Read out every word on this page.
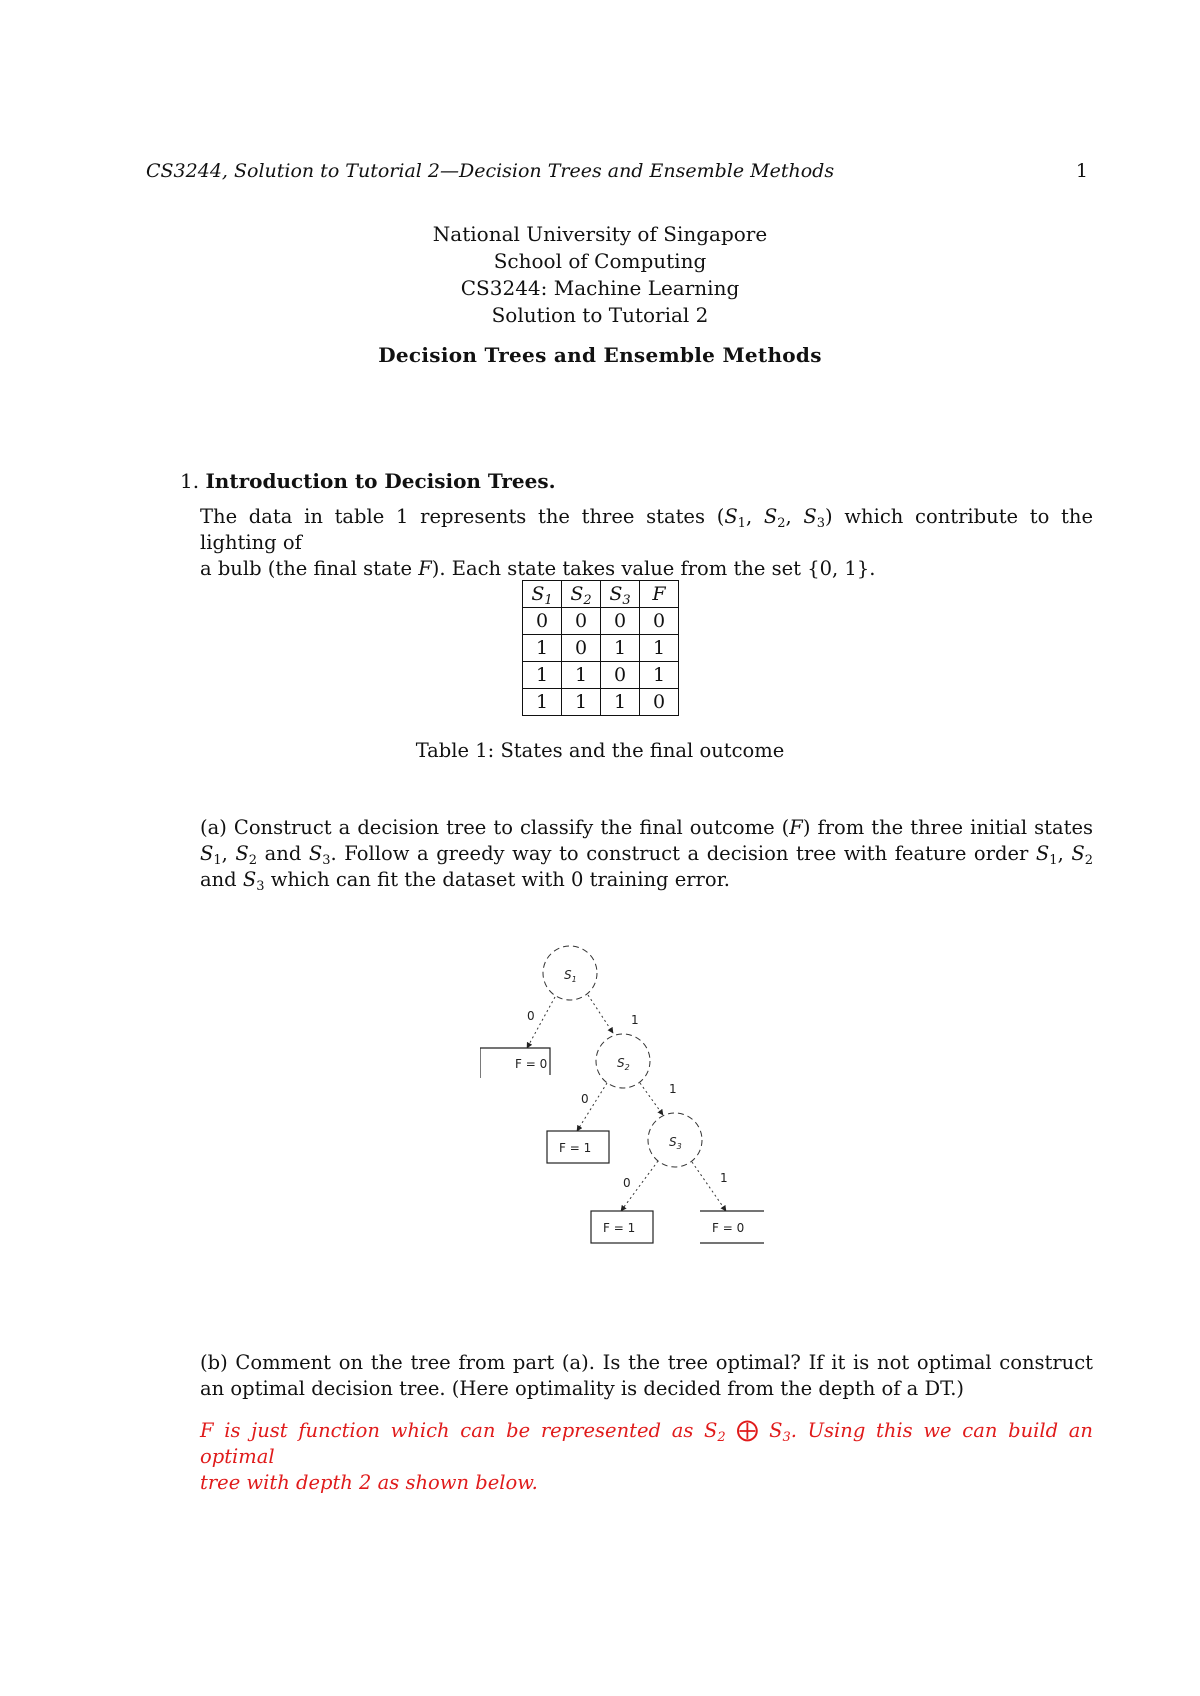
CS3244, Solution to Tutorial 2—Decision Trees and Ensemble Methods	1
National University of Singapore
School of Computing
CS3244: Machine Learning
Solution to Tutorial 2
Decision Trees and Ensemble Methods
1. Introduction to Decision Trees.
The data in table 1 represents the three states ($S_1$, $S_2$, $S_3$) which contribute to the lighting of
a bulb (the final state F). Each state takes value from the set {0, 1}.
$S_1$	$S_2$	$S_3$	F
0	0	0	0
1	0	1	1
1	1	0	1
1	1	1	0
Table 1: States and the final outcome
(a) Construct a decision tree to classify the final outcome (F) from the three initial states $S_1$, $S_2$ and $S_3$. Follow a greedy way to construct a decision tree with feature order $S_1$, $S_2$ and $S_3$ which can fit the dataset with 0 training error.
$S_1$
$S_2$
$S_3$
F = 0
F = 1
F = 1	F = 0
0	1
0
1
0	1
(b) Comment on the tree from part (a). Is the tree optimal? If it is not optimal construct an optimal decision tree. (Here optimality is decided from the depth of a DT.)
F is just function which can be represented as $S_2$ ⨁ $S_3$. Using this we can build an optimal
tree with depth 2 as shown below.
